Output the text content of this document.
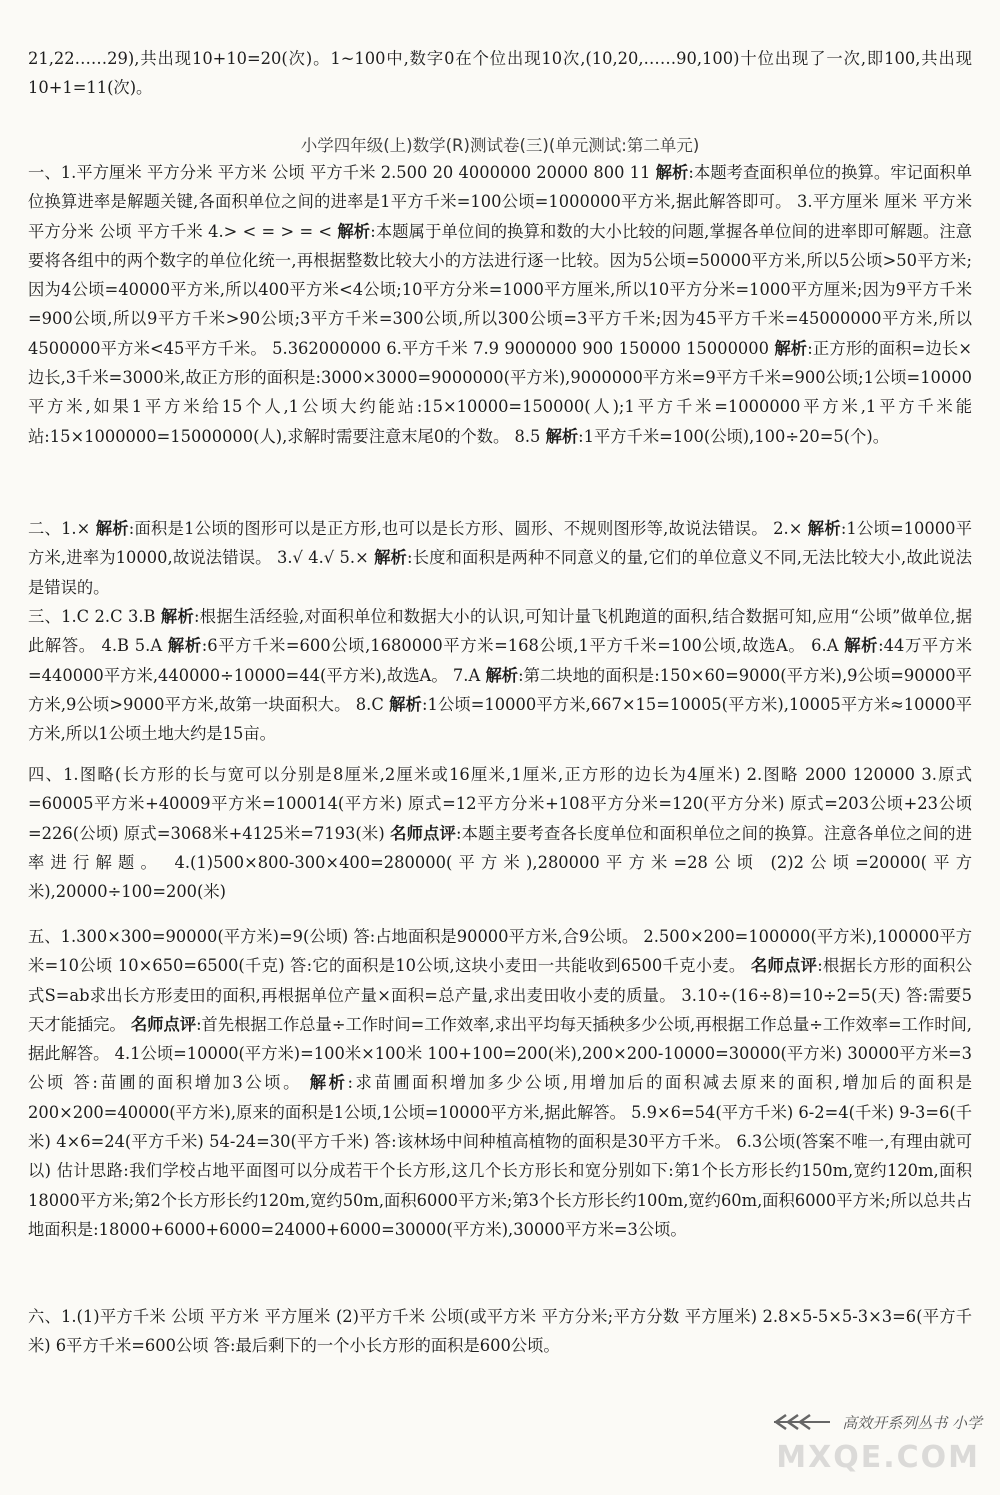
21,22……29),共出现10+10=20(次)。1~100中,数字0在个位出现10次,(10,20,……90,100)十位出现了一次,即100,共出现10+1=11(次)。

小学四年级(上)数学(R)测试卷(三)(单元测试:第二单元)

一、1.平方厘米 平方分米 平方米 公顷 平方千米 2.500 20 4000000 20000 800 11 解析:本题考查面积单位的换算。牢记面积单位换算进率是解题关键,各面积单位之间的进率是1平方千米=100公顷=1000000平方米,据此解答即可。 3.平方厘米 厘米 平方米 平方分米 公顷 平方千米 4.> < = > = < 解析:本题属于单位间的换算和数的大小比较的问题,掌握各单位间的进率即可解题。注意要将各组中的两个数字的单位化统一,再根据整数比较大小的方法进行逐一比较。因为5公顷=50000平方米,所以5公顷>50平方米;因为4公顷=40000平方米,所以400平方米<4公顷;10平方分米=1000平方厘米,所以10平方分米=1000平方厘米;因为9平方千米=900公顷,所以9平方千米>90公顷;3平方千米=300公顷,所以300公顷=3平方千米;因为45平方千米=45000000平方米,所以4500000平方米<45平方千米。 5.362000000 6.平方千米 7.9 9000000 900 150000 15000000 解析:正方形的面积=边长×边长,3千米=3000米,故正方形的面积是:3000×3000=9000000(平方米),9000000平方米=9平方千米=900公顷;1公顷=10000平方米,如果1平方米给15个人,1公顷大约能站:15×10000=150000(人);1平方千米=1000000平方米,1平方千米能站:15×1000000=15000000(人),求解时需要注意末尾0的个数。 8.5 解析:1平方千米=100(公顷),100÷20=5(个)。

二、1.× 解析:面积是1公顷的图形可以是正方形,也可以是长方形、圆形、不规则图形等,故说法错误。 2.× 解析:1公顷=10000平方米,进率为10000,故说法错误。 3.√ 4.√ 5.× 解析:长度和面积是两种不同意义的量,它们的单位意义不同,无法比较大小,故此说法是错误的。

三、1.C 2.C 3.B 解析:根据生活经验,对面积单位和数据大小的认识,可知计量飞机跑道的面积,结合数据可知,应用“公顷”做单位,据此解答。 4.B 5.A 解析:6平方千米=600公顷,1680000平方米=168公顷,1平方千米=100公顷,故选A。 6.A 解析:44万平方米=440000平方米,440000÷10000=44(平方米),故选A。 7.A 解析:第二块地的面积是:150×60=9000(平方米),9公顷=90000平方米,9公顷>9000平方米,故第一块面积大。 8.C 解析:1公顷=10000平方米,667×15=10005(平方米),10005平方米≈10000平方米,所以1公顷土地大约是15亩。

四、1.图略(长方形的长与宽可以分别是8厘米,2厘米或16厘米,1厘米,正方形的边长为4厘米) 2.图略 2000 120000 3.原式=60005平方米+40009平方米=100014(平方米) 原式=12平方分米+108平方分米=120(平方分米) 原式=203公顷+23公顷=226(公顷) 原式=3068米+4125米=7193(米) 名师点评:本题主要考查各长度单位和面积单位之间的换算。注意各单位之间的进率进行解题。 4.(1)500×800-300×400=280000(平方米),280000平方米=28公顷 (2)2公顷=20000(平方米),20000÷100=200(米)

五、1.300×300=90000(平方米)=9(公顷) 答:占地面积是90000平方米,合9公顷。 2.500×200=100000(平方米),100000平方米=10公顷 10×650=6500(千克) 答:它的面积是10公顷,这块小麦田一共能收到6500千克小麦。 名师点评:根据长方形的面积公式S=ab求出长方形麦田的面积,再根据单位产量×面积=总产量,求出麦田收小麦的质量。 3.10÷(16÷8)=10÷2=5(天) 答:需要5天才能插完。 名师点评:首先根据工作总量÷工作时间=工作效率,求出平均每天插秧多少公顷,再根据工作总量÷工作效率=工作时间,据此解答。 4.1公顷=10000(平方米)=100米×100米 100+100=200(米),200×200-10000=30000(平方米) 30000平方米=3公顷 答:苗圃的面积增加3公顷。 解析:求苗圃面积增加多少公顷,用增加后的面积减去原来的面积,增加后的面积是200×200=40000(平方米),原来的面积是1公顷,1公顷=10000平方米,据此解答。 5.9×6=54(平方千米) 6-2=4(千米) 9-3=6(千米) 4×6=24(平方千米) 54-24=30(平方千米) 答:该林场中间种植高植物的面积是30平方千米。 6.3公顷(答案不唯一,有理由就可以) 估计思路:我们学校占地平面图可以分成若干个长方形,这几个长方形长和宽分别如下:第1个长方形长约150m,宽约120m,面积18000平方米;第2个长方形长约120m,宽约50m,面积6000平方米;第3个长方形长约100m,宽约60m,面积6000平方米;所以总共占地面积是:18000+6000+6000=24000+6000=30000(平方米),30000平方米=3公顷。

六、1.(1)平方千米 公顷 平方米 平方厘米 (2)平方千米 公顷(或平方米 平方分米;平方分数 平方厘米) 2.8×5-5×5-3×3=6(平方千米) 6平方千米=600公顷 答:最后剩下的一个小长方形的面积是600公顷。

高效开系列丛书 小学
MXQE.COM
